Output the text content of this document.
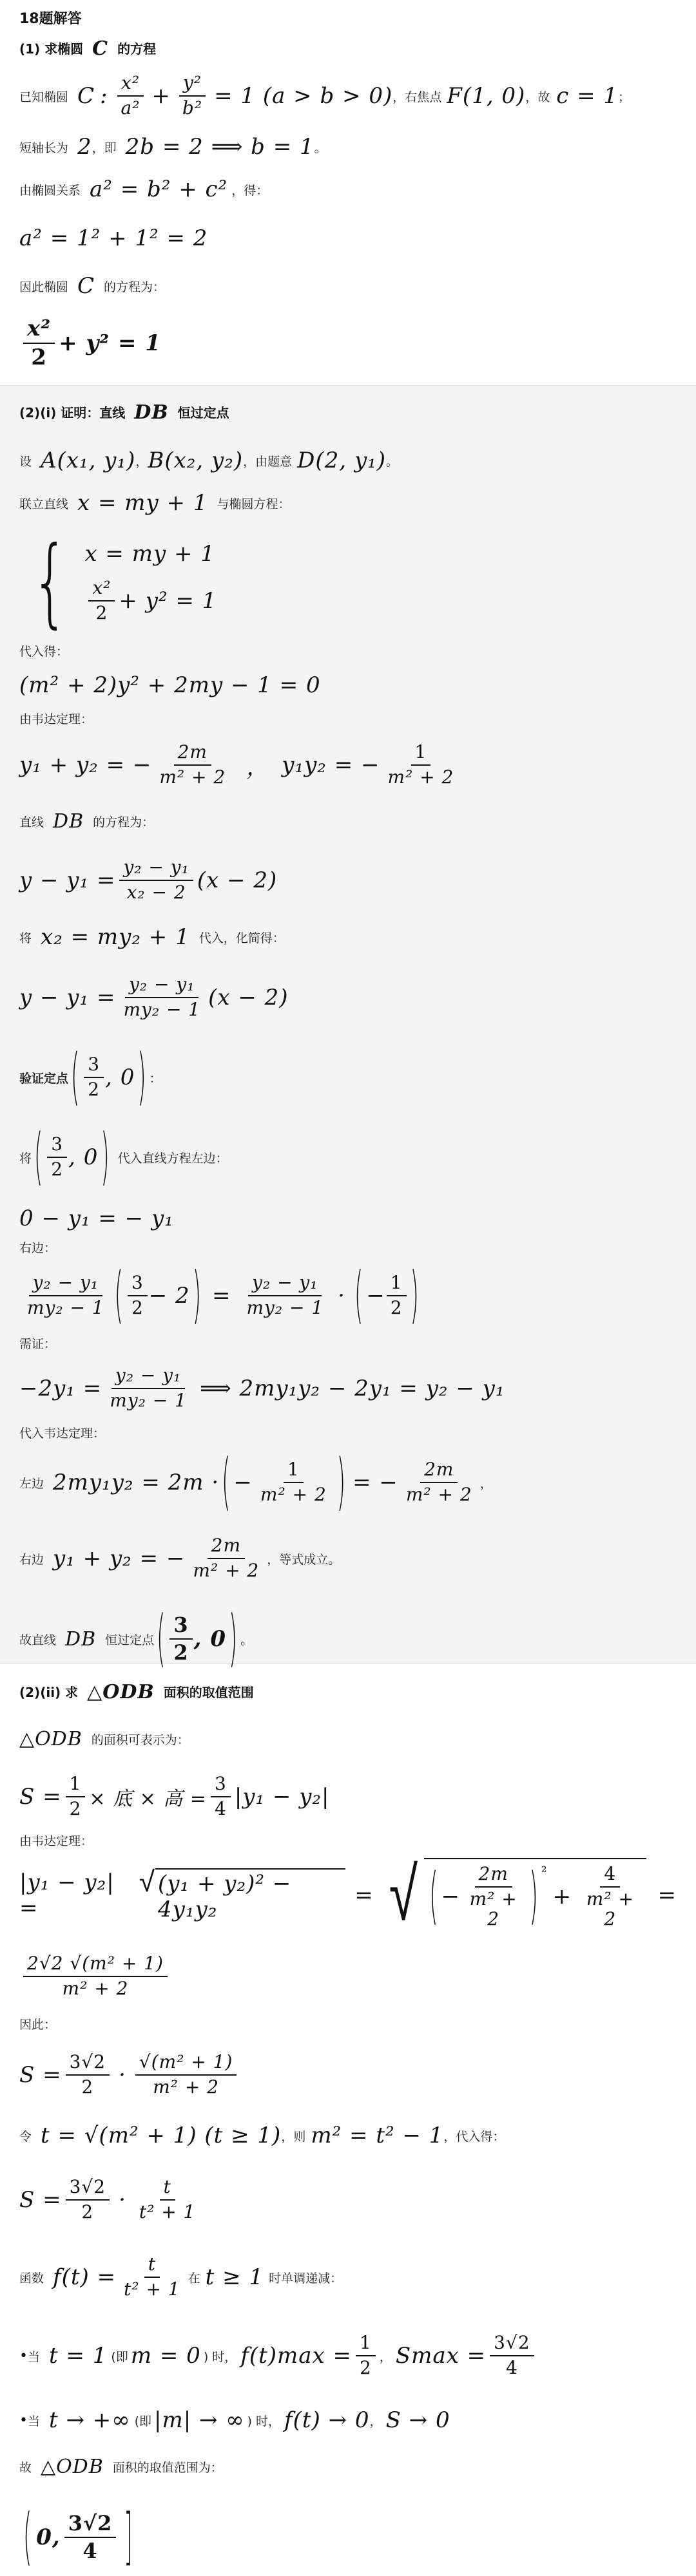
18题解答
(1) 求椭圆 C 的方程
已知椭圆 C : $\frac{\text{x²}}{\text{a²}} + \frac{\text{y²}}{\text{b²}} = 1$ (a > b > 0) ，右焦点 F(1, 0) ，故 c = 1 ；
短轴长为 2 ，即 2b = 2 ⟹ b = 1 。
由椭圆关系 a² = b² + c² ，得：
a² = 1² + 1² = 2
因此椭圆 C 的方程为：
$\frac{\text{x²}}{2} + y^2 = 1$
(2)(i) 证明：直线 DB 恒过定点
设 A(x₁, y₁) ， B(x₂, y₂) ，由题意 D(2, y₁) 。
联立直线 x = my + 1 与椭圆方程：
{ x = my + 1
$\frac{\text{x²}}{2} + y^2 = 1$
代入得：
(m² + 2)y² + 2my − 1 = 0
由韦达定理：
y₁ + y₂ = − $\frac{2m}{\text{m² + 2}}$ ， y₁y₂ = − $\frac{1}{\text{m² + 2}}$
直线 DB 的方程为：
$y - y_1 = \frac{\text{y₂ − y₁}}{\text{x₂ − 2}} (x - 2)$
将 x₂ = my₂ + 1 代入，化简得：
$y - y_1 = \frac{\text{y₂ − y₁}}{\text{my₂ − 1}} (x - 2)$
验证定点 ( $\frac{3}{2}$ , 0 ) ：
将 ( $\frac{3}{2}$ , 0 ) 代入直线方程左边：
0 − y₁ = − y₁
右边：
$\frac{\text{y₂ − y₁}}{\text{my₂ − 1}}$ ( $\frac{3}{2} - 2$ ) = $\frac{\text{y₂ − y₁}}{\text{my₂ − 1}}$ · ( − $\frac{1}{2}$ )
需证：
$-2y_1 = \frac{\text{y₂ − y₁}}{\text{my₂ − 1}}$ ⟹ 2my₁y₂ − 2y₁ = y₂ − y₁
代入韦达定理：
左边 2my₁y₂ = 2m · ( − $\frac{1}{\text{m² + 2}}$ ) = − $\frac{2m}{\text{m² + 2}}$ ，
右边 y₁ + y₂ = − $\frac{2m}{\text{m² + 2}}$ ，等式成立。
故直线 DB 恒过定点 ( $\frac{3}{2}$ , 0 ) 。
(2)(ii) 求 △ODB 面积的取值范围
△ODB 的面积可表示为：
$S = \frac{1}{2}$ × 底 × 高 = $\frac{3}{4} |y_1 - y_2|$
由韦达定理：
|y₁ − y₂| =
√ (y₁ + y₂)² − 4y₁y₂
= √ ( − $\frac{2m}{\text{m² + 2}}$ ) ²
+ $\frac{4}{\text{m² + 2}}$ =
$\frac{\text{2√2 √(m² + 1)}}{\text{m² + 2}}$
因此：
$S = \frac{3√2}{2} \cdot \frac{\text{√(m² + 1)}}{\text{m² + 2}}$
令 t = √(m² + 1) (t ≥ 1) ，则 m² = t² − 1 ，代入得：
$S = \frac{3√2}{2} \cdot \frac{t}{\text{t² + 1}}$
函数 $f(t) = \frac{t}{\text{t² + 1}}$ 在 t ≥ 1 时单调递减：
• 当 t = 1 (即 m = 0 ) 时， $f(t)\max = \frac{1}{2}$ ， $Smax = \frac{3√2}{4}$
• 当 t → +∞ (即 |m| → ∞ ) 时， f(t) → 0 ， S → 0
故 △ODB 面积的取值范围为：
( 0, $\frac{3√2}{4}$ ]
